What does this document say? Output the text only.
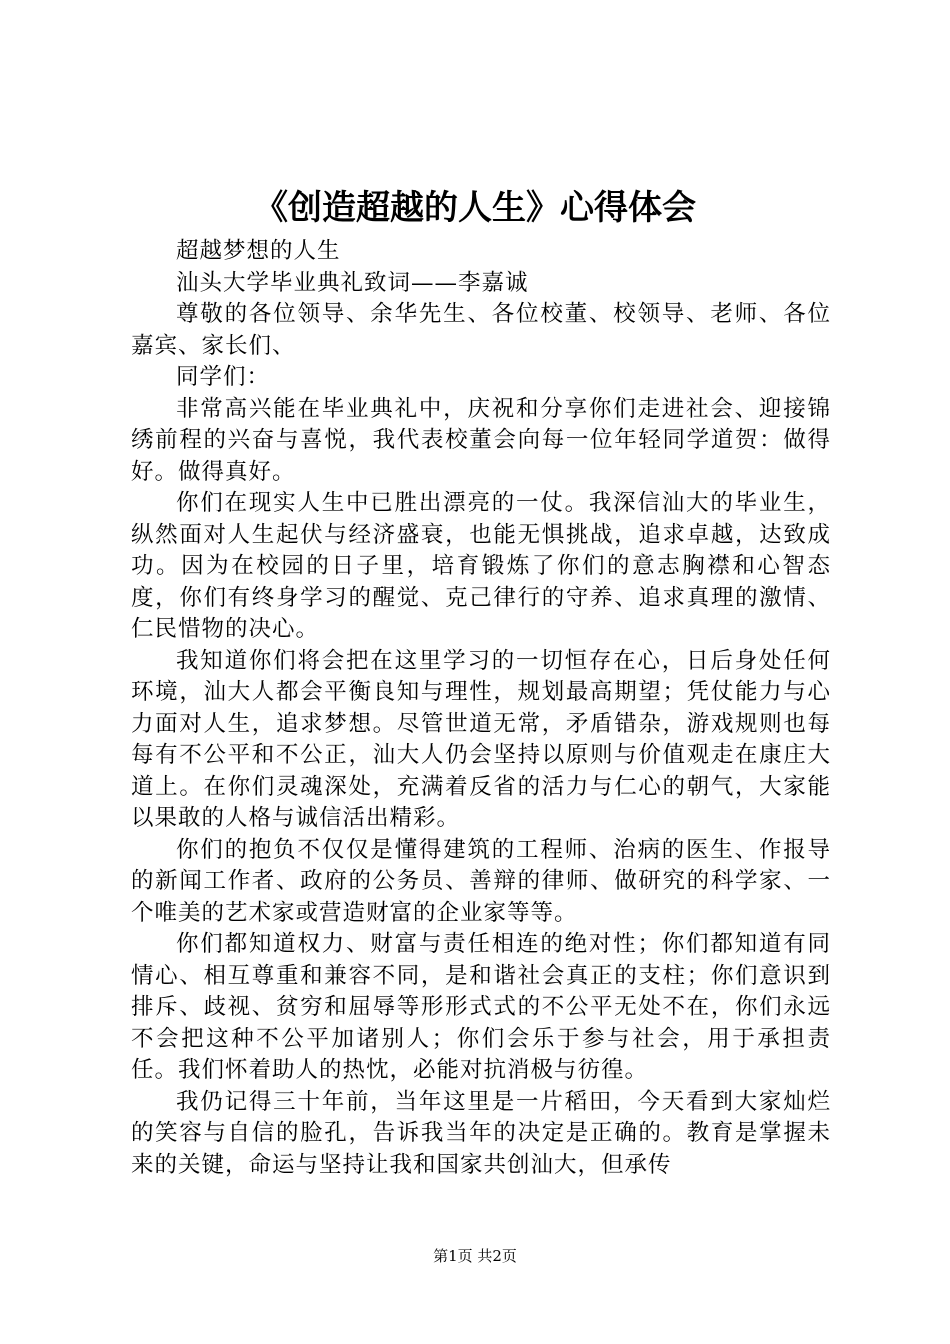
《创造超越的人生》心得体会

超越梦想的人生

汕头大学毕业典礼致词——李嘉诚

尊敬的各位领导、余华先生、各位校董、校领导、老师、各位嘉宾、家长们、

同学们：

非常高兴能在毕业典礼中，庆祝和分享你们走进社会、迎接锦绣前程的兴奋与喜悦，我代表校董会向每一位年轻同学道贺：做得好。做得真好。

你们在现实人生中已胜出漂亮的一仗。我深信汕大的毕业生，纵然面对人生起伏与经济盛衰，也能无惧挑战，追求卓越，达致成功。因为在校园的日子里，培育锻炼了你们的意志胸襟和心智态度，你们有终身学习的醒觉、克己律行的守养、追求真理的激情、仁民惜物的决心。

我知道你们将会把在这里学习的一切恒存在心，日后身处任何环境，汕大人都会平衡良知与理性，规划最高期望；凭仗能力与心力面对人生，追求梦想。尽管世道无常，矛盾错杂，游戏规则也每每有不公平和不公正，汕大人仍会坚持以原则与价值观走在康庄大道上。在你们灵魂深处，充满着反省的活力与仁心的朝气，大家能以果敢的人格与诚信活出精彩。

你们的抱负不仅仅是懂得建筑的工程师、治病的医生、作报导的新闻工作者、政府的公务员、善辩的律师、做研究的科学家、一个唯美的艺术家或营造财富的企业家等等。

你们都知道权力、财富与责任相连的绝对性；你们都知道有同情心、相互尊重和兼容不同，是和谐社会真正的支柱；你们意识到排斥、歧视、贫穷和屈辱等形形式式的不公平无处不在，你们永远不会把这种不公平加诸别人；你们会乐于参与社会，用于承担责任。我们怀着助人的热忱，必能对抗消极与彷徨。

我仍记得三十年前，当年这里是一片稻田，今天看到大家灿烂的笑容与自信的脸孔，告诉我当年的决定是正确的。教育是掌握未来的关键，命运与坚持让我和国家共创汕大，但承传

第1页 共2页
